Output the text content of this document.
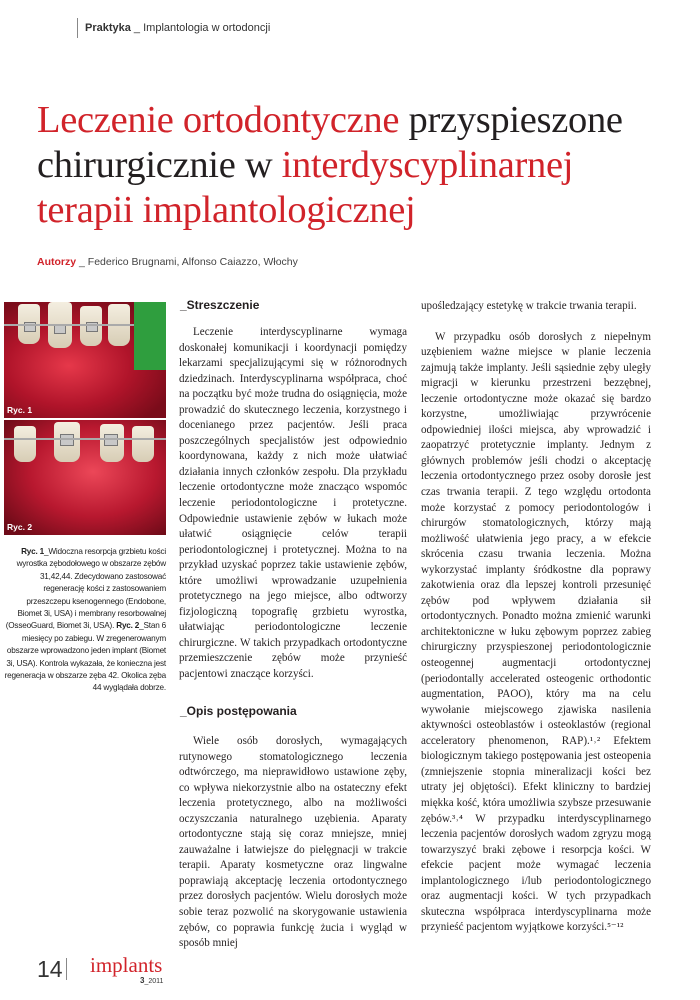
Praktyka _ Implantologia w ortodoncji
Leczenie ortodontyczne przyspieszone chirurgicznie w interdyscyplinarnej terapii implantologicznej
Autorzy _ Federico Brugnami, Alfonso Caiazzo, Włochy
Ryc. 1
Ryc. 2
Ryc. 1_Widoczna resorpcja grzbietu kości wyrostka zębodołowego w obszarze zębów 31,42,44. Zdecydowano zastosować regenerację kości z zastosowaniem przeszczepu ksenogennego (Endobone, Biomet 3i, USA) i membrany resorbowalnej (OsseoGuard, Biomet 3i, USA). Ryc. 2_Stan 6 miesięcy po zabiegu. W zregenerowanym obszarze wprowadzono jeden implant (Biomet 3i, USA). Kontrola wykazała, że konieczna jest regeneracja w obszarze zęba 42. Okolica zęba 44 wyglądała dobrze.
_Streszczenie

Leczenie interdyscyplinarne wymaga doskonałej komunikacji i koordynacji pomiędzy lekarzami specjalizującymi się w różnorodnych dziedzinach. Interdyscyplinarna współpraca, choć na początku być może trudna do osiągnięcia, może prowadzić do skutecznego leczenia, korzystnego i docenianego przez pacjentów. Jeśli praca poszczególnych specjalistów jest odpowiednio koordynowana, każdy z nich może ułatwiać działania innych członków zespołu. Dla przykładu leczenie ortodontyczne może znacząco wspomóc leczenie periodontologiczne i protetyczne. Odpowiednie ustawienie zębów w łukach może ułatwić osiągnięcie celów terapii periodontologicznej i protetycznej. Można to na przykład uzyskać poprzez takie ustawienie zębów, które umożliwi wprowadzanie uzupełnienia protetycznego na jego miejsce, albo odtworzy fizjologiczną topografię grzbietu wyrostka, ułatwiając periodontologiczne leczenie chirurgiczne. W takich przypadkach ortodontyczne przemieszczenie zębów może przynieść pacjentowi znaczące korzyści.

_Opis postępowania

Wiele osób dorosłych, wymagających rutynowego stomatologicznego leczenia odtwórczego, ma nieprawidłowo ustawione zęby, co wpływa niekorzystnie albo na ostateczny efekt leczenia protetycznego, albo na możliwości oczyszczania naturalnego uzębienia. Aparaty ortodontyczne stają się coraz mniejsze, mniej zauważalne i łatwiejsze do pielęgnacji w trakcie terapii. Aparaty kosmetyczne oraz lingwalne poprawiają akceptację leczenia ortodontycznego przez dorosłych pacjentów. Wielu dorosłych może sobie teraz pozwolić na skorygowanie ustawienia zębów, co poprawia funkcję żucia i wygląd w sposób mniej

upośledzający estetykę w trakcie trwania terapii.

W przypadku osób dorosłych z niepełnym uzębieniem ważne miejsce w planie leczenia zajmują także implanty. Jeśli sąsiednie zęby uległy migracji w kierunku przestrzeni bezzębnej, leczenie ortodontyczne może okazać się bardzo korzystne, umożliwiając przywrócenie odpowiedniej ilości miejsca, aby wprowadzić i zaopatrzyć protetycznie implanty. Jednym z głównych problemów jeśli chodzi o akceptację leczenia ortodontycznego przez osoby dorosłe jest czas trwania terapii. Z tego względu ortodonta może korzystać z pomocy periodontologów i chirurgów stomatologicznych, którzy mają możliwość ułatwienia jego pracy, a w efekcie skrócenia czasu trwania leczenia. Można wykorzystać implanty śródkostne dla poprawy zakotwienia oraz dla lepszej kontroli przesunięć zębów pod wpływem działania sił ortodontycznych. Ponadto można zmienić warunki architektoniczne w łuku zębowym poprzez zabieg chirurgiczny przyspieszonej periodontologicznie osteogennej augmentacji ortodontycznej (periodontally accelerated osteogenic orthodontic augmentation, PAOO), który ma na celu wywołanie miejscowego zjawiska nasilenia aktywności osteoblastów i osteoklastów (regional acceleratory phenomenon, RAP).¹˒² Efektem biologicznym takiego postępowania jest osteopenia (zmniejszenie stopnia mineralizacji kości bez utraty jej objętości). Efekt kliniczny to bardziej miękka kość, która umożliwia szybsze przesuwanie zębów.³˒⁴ W przypadku interdyscyplinarnego leczenia pacjentów dorosłych wadom zgryzu mogą towarzyszyć braki zębowe i resorpcja kości. W efekcie pacjent może wymagać leczenia implantologicznego i/lub periodontologicznego oraz augmentacji kości. W tych przypadkach skuteczna współpraca interdyscyplinarna może przynieść pacjentom wyjątkowe korzyści.⁵⁻¹²

14 implants
3_2011
